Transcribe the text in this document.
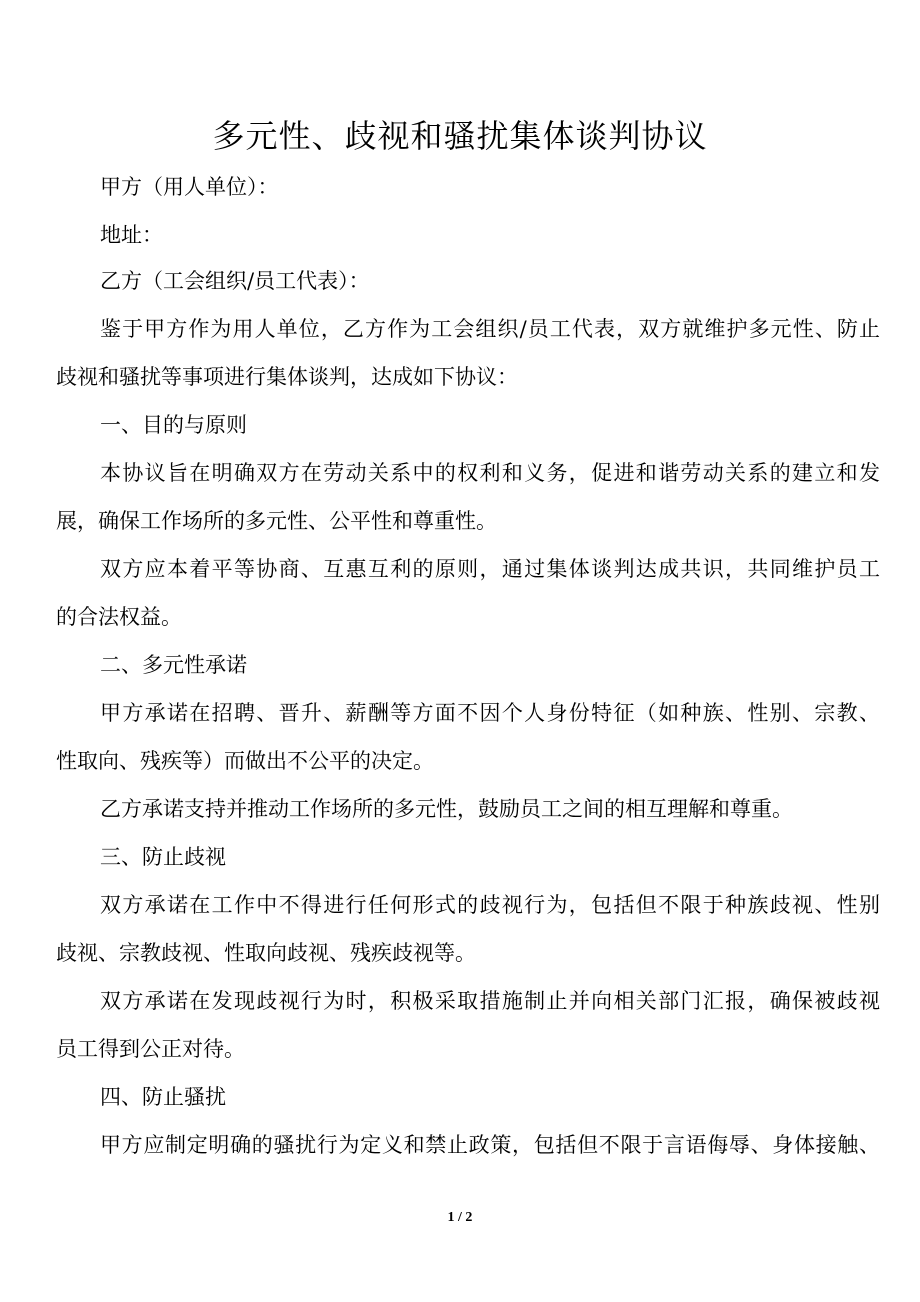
多元性、歧视和骚扰集体谈判协议

甲方（用人单位）：

地址：

乙方（工会组织/员工代表）：

鉴于甲方作为用人单位，乙方作为工会组织/员工代表，双方就维护多元性、防止

歧视和骚扰等事项进行集体谈判，达成如下协议：

一、目的与原则

本协议旨在明确双方在劳动关系中的权利和义务，促进和谐劳动关系的建立和发

展，确保工作场所的多元性、公平性和尊重性。

双方应本着平等协商、互惠互利的原则，通过集体谈判达成共识，共同维护员工

的合法权益。

二、多元性承诺

甲方承诺在招聘、晋升、薪酬等方面不因个人身份特征（如种族、性别、宗教、

性取向、残疾等）而做出不公平的决定。

乙方承诺支持并推动工作场所的多元性，鼓励员工之间的相互理解和尊重。

三、防止歧视

双方承诺在工作中不得进行任何形式的歧视行为，包括但不限于种族歧视、性别

歧视、宗教歧视、性取向歧视、残疾歧视等。

双方承诺在发现歧视行为时，积极采取措施制止并向相关部门汇报，确保被歧视

员工得到公正对待。

四、防止骚扰

甲方应制定明确的骚扰行为定义和禁止政策，包括但不限于言语侮辱、身体接触、

1 / 2
